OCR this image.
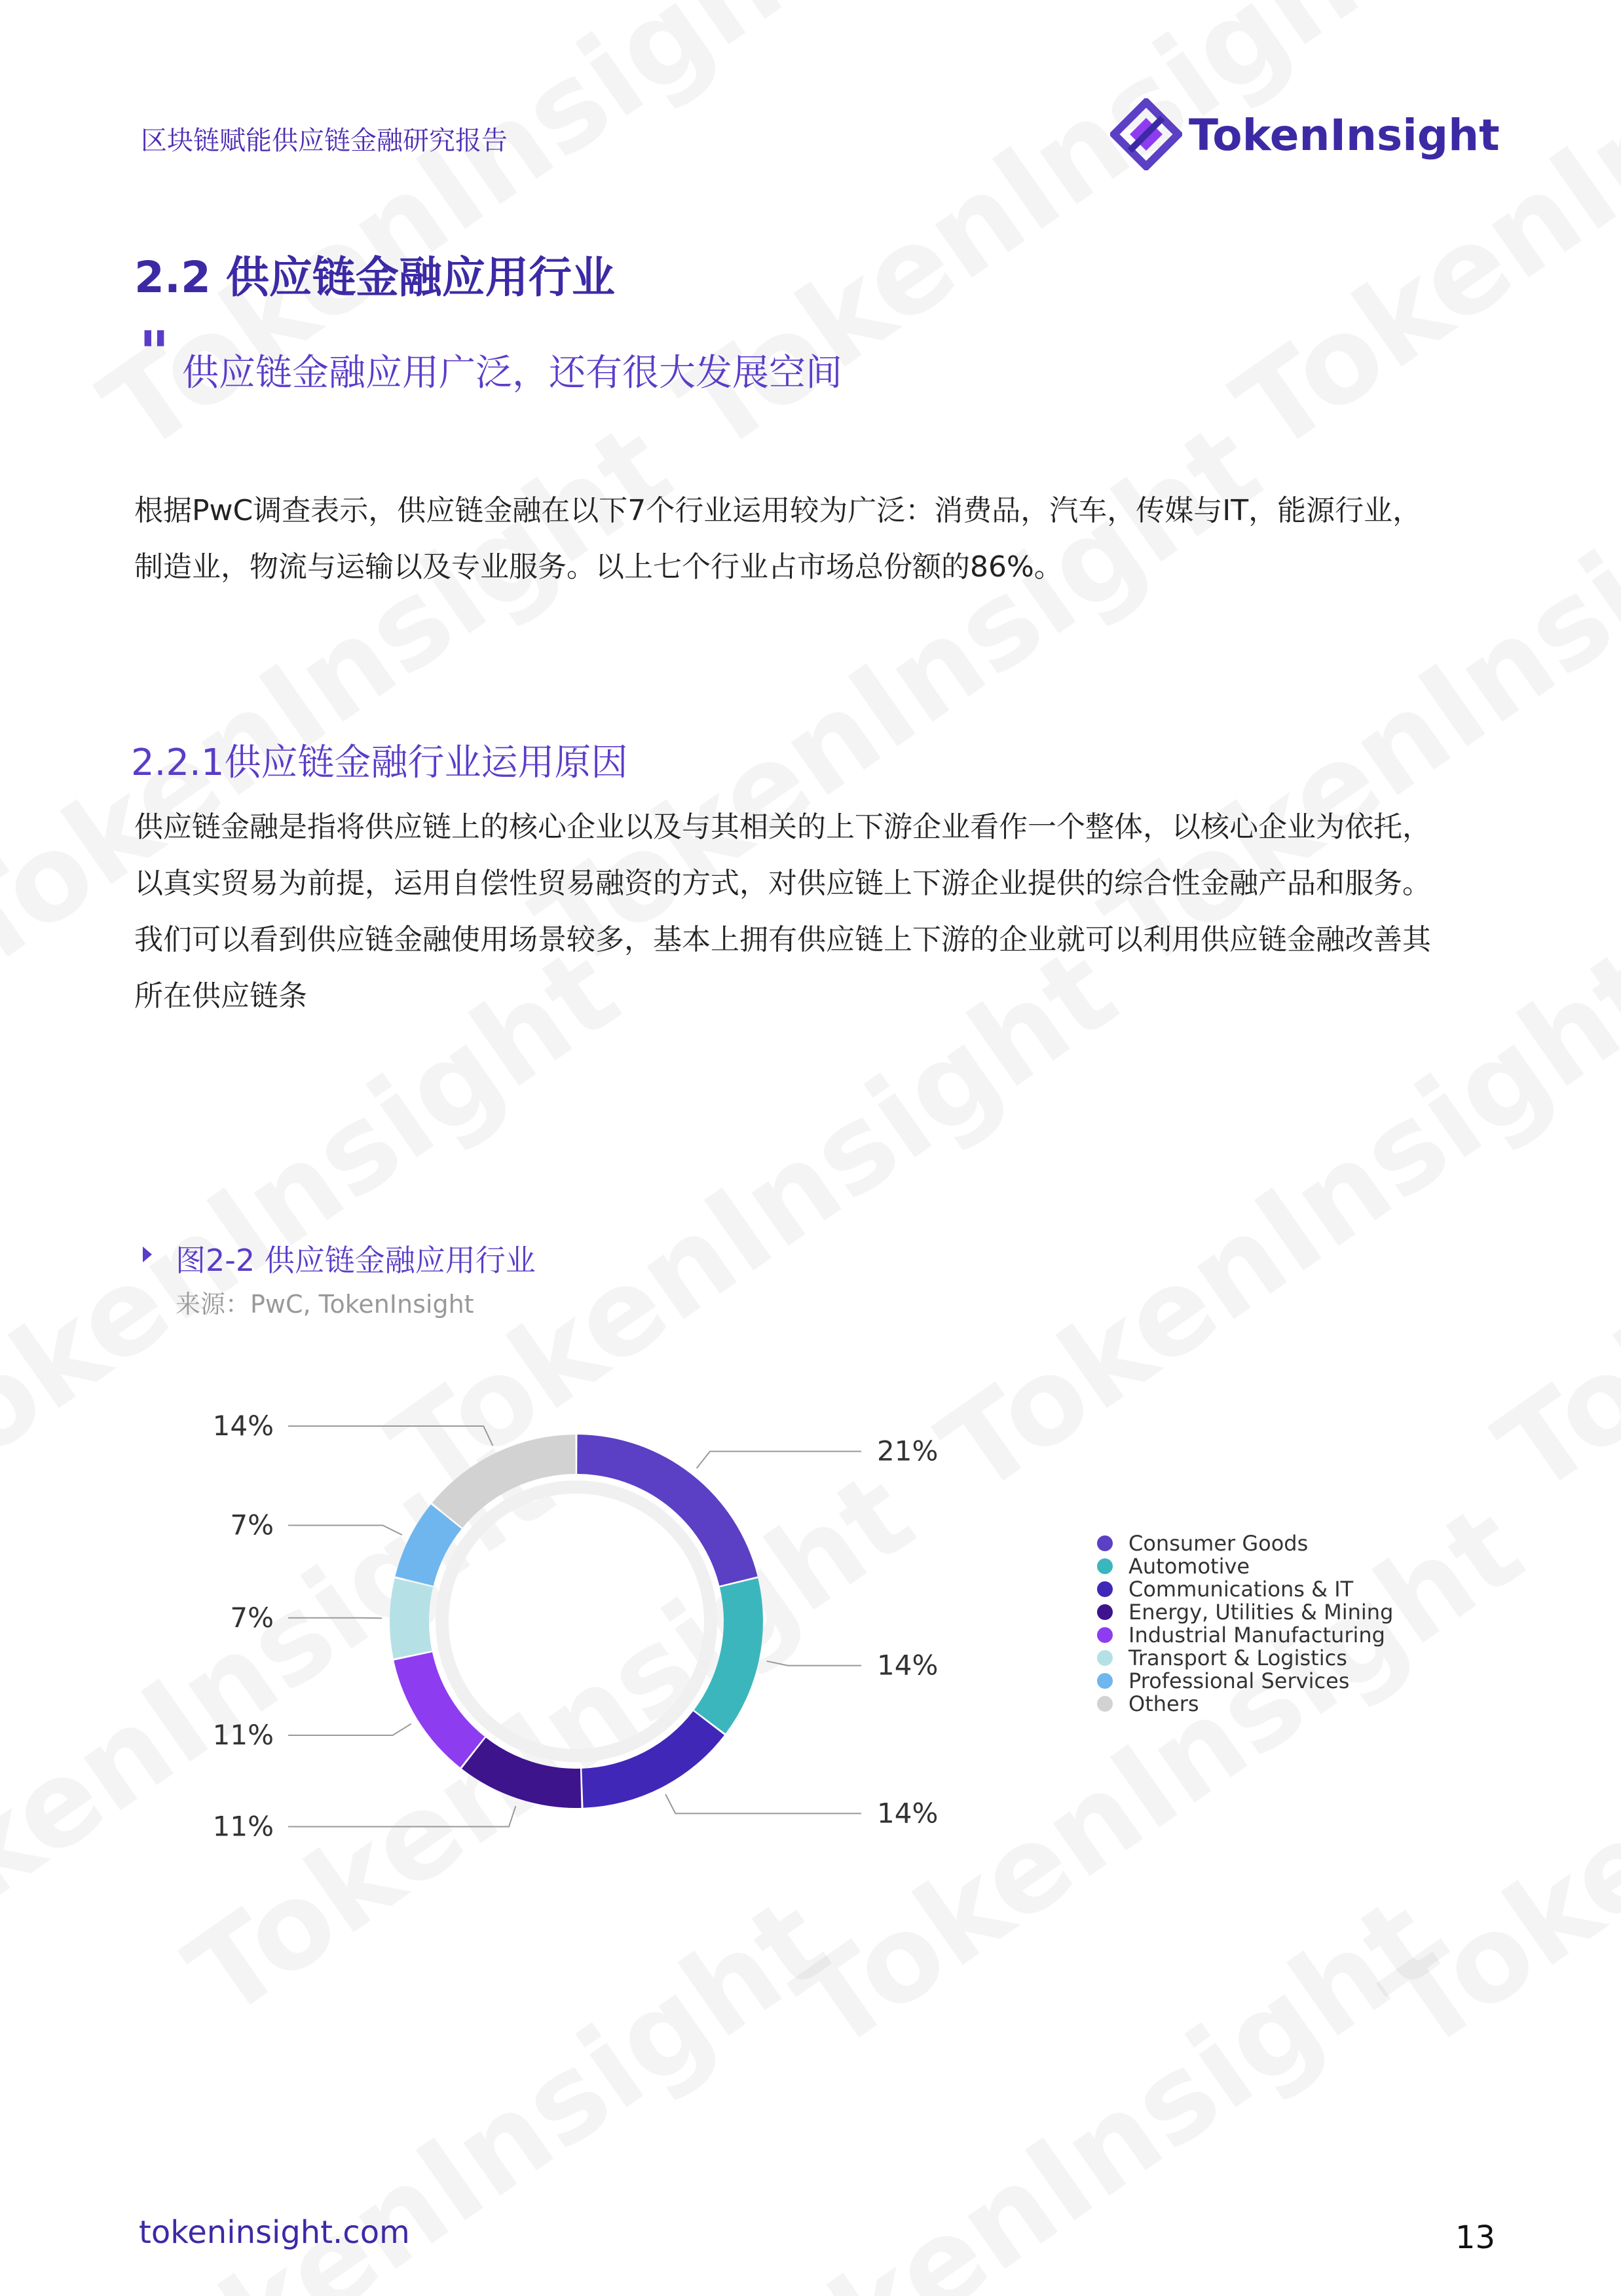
区块链赋能供应链金融研究报告	TokenInsight
2.2 供应链金融应用行业
" 供应链金融应用广泛，还有很大发展空间
根据PwC调查表示，供应链金融在以下7个行业运用较为广泛：消费品，汽车，传媒与IT，能源行业，
制造业，物流与运输以及专业服务。以上七个行业占市场总份额的86%。
2.2.1供应链金融行业运用原因
供应链金融是指将供应链上的核心企业以及与其相关的上下游企业看作一个整体，以核心企业为依托，
以真实贸易为前提，运用自偿性贸易融资的方式，对供应链上下游企业提供的综合性金融产品和服务。
我们可以看到供应链金融使用场景较多，基本上拥有供应链上下游的企业就可以利用供应链金融改善其
所在供应链条
图2-2 供应链金融应用行业
来源：PwC, TokenInsight
21%
14%
14%
11%
11%
7%
7%
14%
Consumer Goods
Automotive
Communications & IT
Energy, Utilities & Mining
Industrial Manufacturing
Transport & Logistics
Professional Services
Others
tokeninsight.com	13
